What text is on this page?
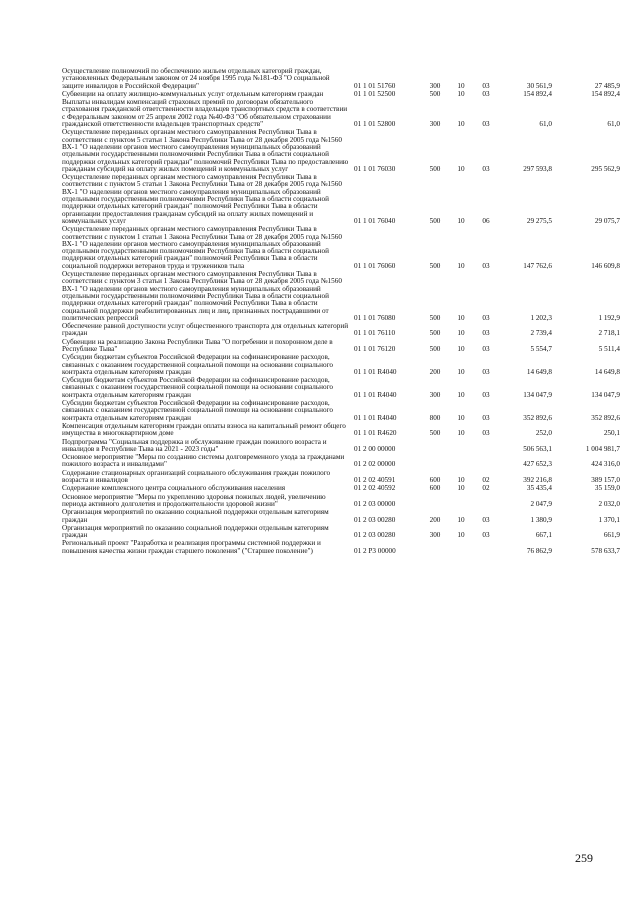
Осуществление полномочий по обеспечению жильем отдельных категорий граждан, установленных Федеральным законом от 24 ноября 1995 года №181-ФЗ "О социальной защите инвалидов в Российской Федерации"	01 1 01 51760	300	10	03	30 561,9	27 485,9
Субвенции на оплату жилищно-коммунальных услуг отдельным категориям граждан	01 1 01 52500	500	10	03	154 892,4	154 892,4
Выплаты инвалидам компенсаций страховых премий по договорам обязательного страхования гражданской ответственности владельцев транспортных средств в соответствии с Федеральным законом от 25 апреля 2002 года №40-ФЗ "Об обязательном страховании гражданской ответственности владельцев транспортных средств"	01 1 01 52800	300	10	03	61,0	61,0
Осуществление переданных органам местного самоуправления Республики Тыва в соответствии с пунктом 5 статьи 1 Закона Республики Тыва от 28 декабря 2005 года №1560 ВХ-1 "О наделении органов местного самоуправления муниципальных образований отдельными государственными полномочиями Республики Тыва в области социальной поддержки отдельных категорий граждан" полномочий Республики Тыва по предоставлению гражданам субсидий на оплату жилых помещений и коммунальных услуг	01 1 01 76030	500	10	03	297 593,8	295 562,9
Осуществление переданных органам местного самоуправления Республики Тыва в соответствии с пунктом 5 статьи 1 Закона Республики Тыва от 28 декабря 2005 года №1560 ВХ-1 "О наделении органов местного самоуправления муниципальных образований отдельными государственными полномочиями Республики Тыва в области социальной поддержки отдельных категорий граждан" полномочий Республики Тыва в области организации предоставления гражданам субсидий на оплату жилых помещений и коммунальных услуг	01 1 01 76040	500	10	06	29 275,5	29 075,7
Осуществление переданных органам местного самоуправления Республики Тыва в соответствии с пунктом 1 статьи 1 Закона Республики Тыва от 28 декабря 2005 года №1560 ВХ-1 "О наделении органов местного самоуправления муниципальных образований отдельными государственными полномочиями Республики Тыва в области социальной поддержки отдельных категорий граждан" полномочий Республики Тыва в области социальной поддержки ветеранов труда и тружеников тыла	01 1 01 76060	500	10	03	147 762,6	146 609,8
Осуществление переданных органам местного самоуправления Республики Тыва в соответствии с пунктом 3 статьи 1 Закона Республики Тыва от 28 декабря 2005 года №1560 ВХ-1 "О наделении органов местного самоуправления муниципальных образований отдельными государственными полномочиями Республики Тыва в области социальной поддержки отдельных категорий граждан" полномочий Республики Тыва в области социальной поддержки реабилитированных лиц и лиц, признанных пострадавшими от политических репрессий	01 1 01 76080	500	10	03	1 202,3	1 192,9
Обеспечение равной доступности услуг общественного транспорта для отдельных категорий граждан	01 1 01 76110	500	10	03	2 739,4	2 718,1
Субвенции на реализацию Закона Республики Тыва "О погребении и похоронном деле в Республике Тыва"	01 1 01 76120	500	10	03	5 554,7	5 511,4
Субсидии бюджетам субъектов Российской Федерации на софинансирование расходов, связанных с оказанием государственной социальной помощи на основании социального контракта отдельным категориям граждан	01 1 01 R4040	200	10	03	14 649,8	14 649,8
Субсидии бюджетам субъектов Российской Федерации на софинансирование расходов, связанных с оказанием государственной социальной помощи на основании социального контракта отдельным категориям граждан	01 1 01 R4040	300	10	03	134 047,9	134 047,9
Субсидии бюджетам субъектов Российской Федерации на софинансирование расходов, связанных с оказанием государственной социальной помощи на основании социального контракта отдельным категориям граждан	01 1 01 R4040	800	10	03	352 892,6	352 892,6
Компенсация отдельным категориям граждан оплаты взноса на капитальный ремонт общего имущества в многоквартирном доме	01 1 01 R4620	500	10	03	252,0	250,1
Подпрограмма "Социальная поддержка и обслуживание граждан пожилого возраста и инвалидов в Республике Тыва на 2021 - 2023 годы"	01 2 00 00000				506 563,1	1 004 981,7
Основное мероприятие "Меры по созданию системы долговременного ухода за гражданами пожилого возраста и инвалидами"	01 2 02 00000				427 652,3	424 316,0
Содержание стационарных организаций социального обслуживания граждан пожилого возраста и инвалидов	01 2 02 40591	600	10	02	392 216,8	389 157,0
Содержание комплексного центра социального обслуживания населения	01 2 02 40592	600	10	02	35 435,4	35 159,0
Основное мероприятие "Меры по укреплению здоровья пожилых людей, увеличению периода активного долголетия и продолжительности здоровой жизни"	01 2 03 00000				2 047,9	2 032,0
Организация мероприятий по оказанию социальной поддержки отдельным категориям граждан	01 2 03 00280	200	10	03	1 380,9	1 370,1
Организация мероприятий по оказанию социальной поддержки отдельным категориям граждан	01 2 03 00280	300	10	03	667,1	661,9
Региональный проект "Разработка и реализация программы системной поддержки и повышения качества жизни граждан старшего поколения" ("Старшее поколение")	01 2 P3 00000				76 862,9	578 633,7
259
